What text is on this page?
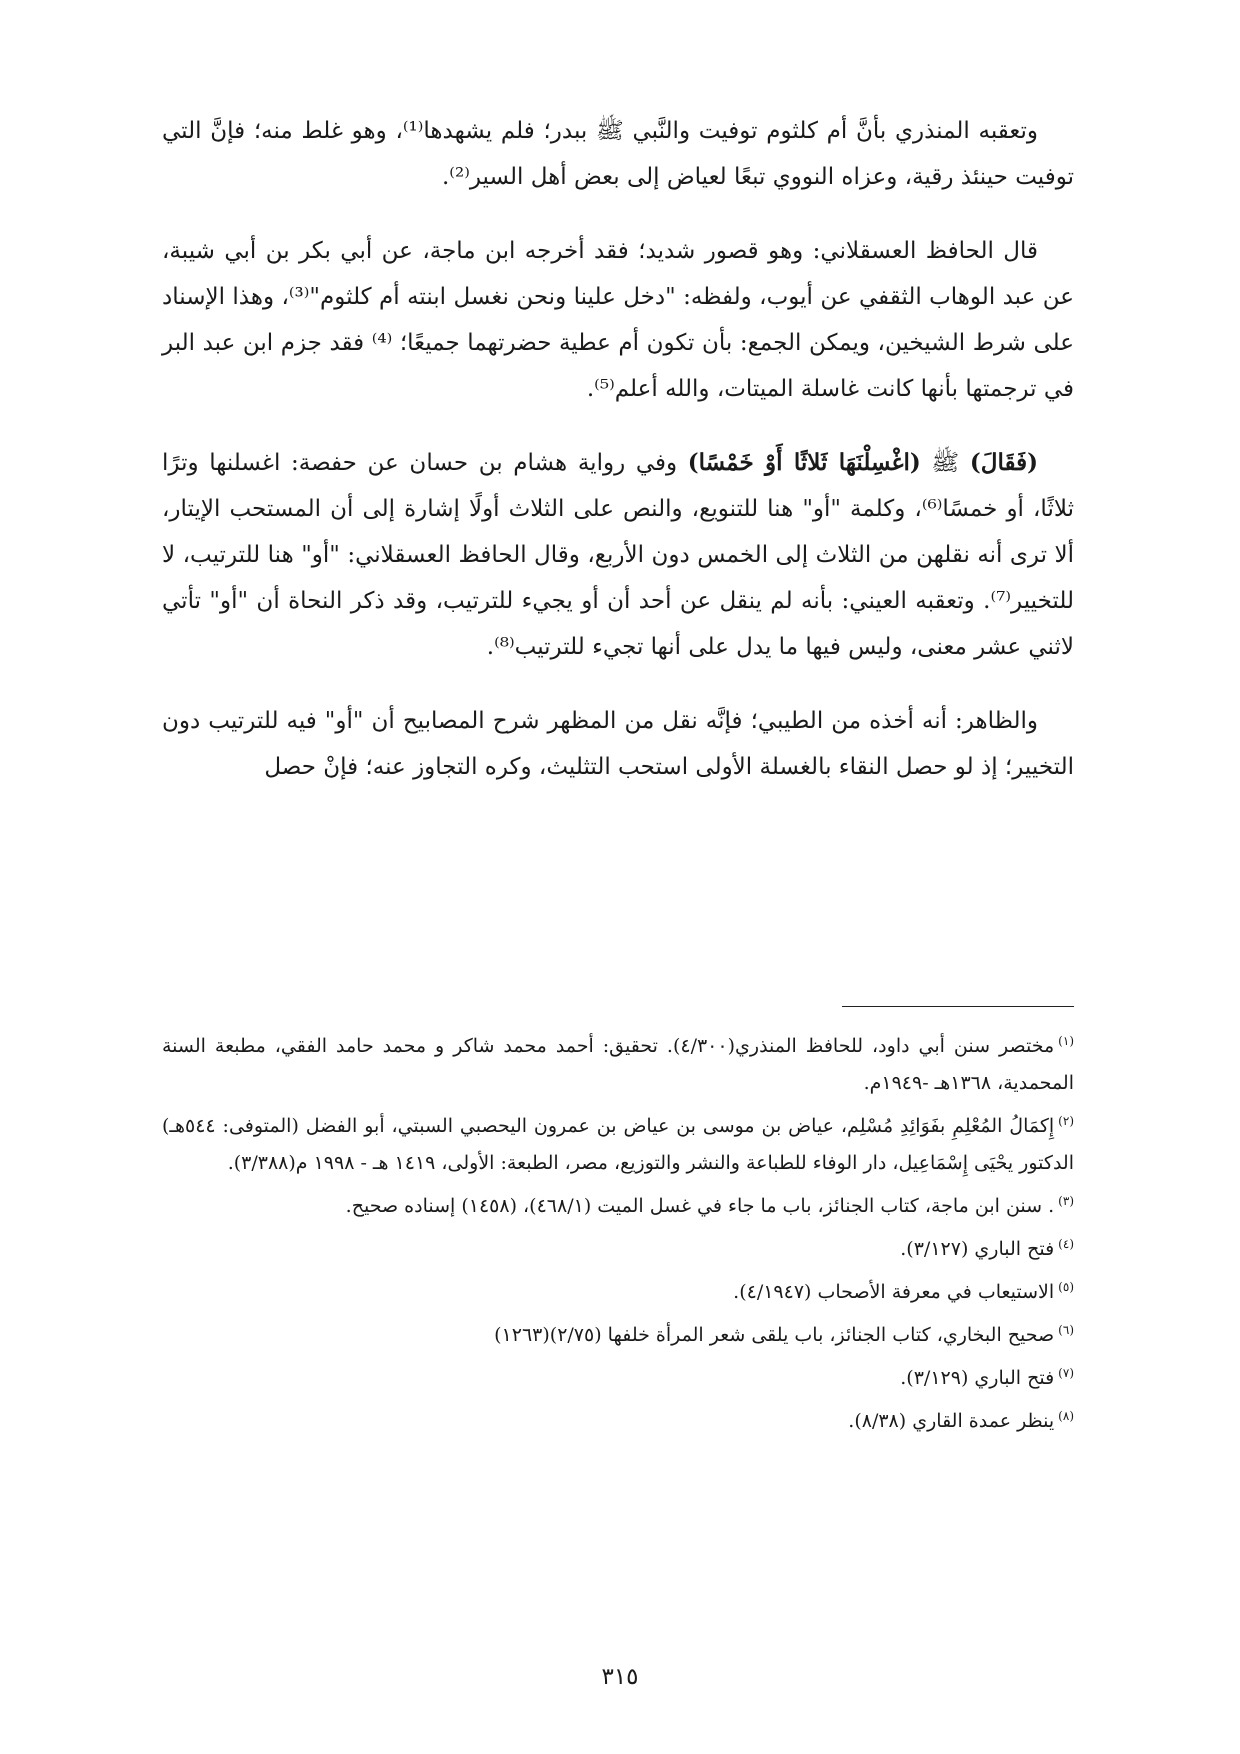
وتعقبه المنذري بأنَّ أم كلثوم توفيت والنَّبي ﷺ ببدر؛ فلم يشهدها⁽¹⁾، وهو غلط منه؛ فإنَّ التي توفيت حينئذ رقية، وعزاه النووي تبعًا لعياض إلى بعض أهل السير⁽²⁾.

قال الحافظ العسقلاني: وهو قصور شديد؛ فقد أخرجه ابن ماجة، عن أبي بكر بن أبي شيبة، عن عبد الوهاب الثقفي عن أيوب، ولفظه: "دخل علينا ونحن نغسل ابنته أم كلثوم"⁽³⁾، وهذا الإسناد على شرط الشيخين، ويمكن الجمع: بأن تكون أم عطية حضرتهما جميعًا؛ ⁽⁴⁾ فقد جزم ابن عبد البر في ترجمتها بأنها كانت غاسلة الميتات، والله أعلم⁽⁵⁾.

(فَقَالَ) ﷺ (اغْسِلْنَهَا ثَلاثًا أَوْ خَمْسًا) وفي رواية هشام بن حسان عن حفصة: اغسلنها وترًا ثلاثًا، أو خمسًا⁽⁶⁾، وكلمة "أو" هنا للتنويع، والنص على الثلاث أولًا إشارة إلى أن المستحب الإيتار، ألا ترى أنه نقلهن من الثلاث إلى الخمس دون الأربع، وقال الحافظ العسقلاني: "أو" هنا للترتيب، لا للتخيير⁽⁷⁾. وتعقبه العيني: بأنه لم ينقل عن أحد أن أو يجيء للترتيب، وقد ذكر النحاة أن "أو" تأتي لاثني عشر معنى، وليس فيها ما يدل على أنها تجيء للترتيب⁽⁸⁾.

والظاهر: أنه أخذه من الطيبي؛ فإنَّه نقل من المظهر شرح المصابيح أن "أو" فيه للترتيب دون التخيير؛ إذ لو حصل النقاء بالغسلة الأولى استحب التثليث، وكره التجاوز عنه؛ فإنْ حصل

$^{(١)}$مختصر سنن أبي داود، للحافظ المنذري(٤/٣٠٠). تحقيق: أحمد محمد شاكر و محمد حامد الفقي، مطبعة السنة المحمدية، ١٣٦٨هـ -١٩٤٩م.

$^{(٢)}$إِكمَالُ المُعْلِمِ بفَوَائِدِ مُسْلِم، عياض بن موسى بن عياض بن عمرون اليحصبي السبتي، أبو الفضل (المتوفى: ٥٤٤هـ) الدكتور يحْيَى إِسْمَاعِيل، دار الوفاء للطباعة والنشر والتوزيع، مصر، الطبعة: الأولى، ١٤١٩ هـ - ١٩٩٨ م(٣/٣٨٨).

$^{(٣)}$. سنن ابن ماجة، كتاب الجنائز، باب ما جاء في غسل الميت (٤٦٨/١)، (١٤٥٨) إسناده صحيح.

$^{(٤)}$فتح الباري (٣/١٢٧).

$^{(٥)}$الاستيعاب في معرفة الأصحاب (٤/١٩٤٧).

$^{(٦)}$صحيح البخاري، كتاب الجنائز، باب يلقى شعر المرأة خلفها (٢/٧٥)(١٢٦٣)

$^{(٧)}$فتح الباري (٣/١٢٩).

$^{(٨)}$ينظر عمدة القاري (٨/٣٨).

٣١٥
